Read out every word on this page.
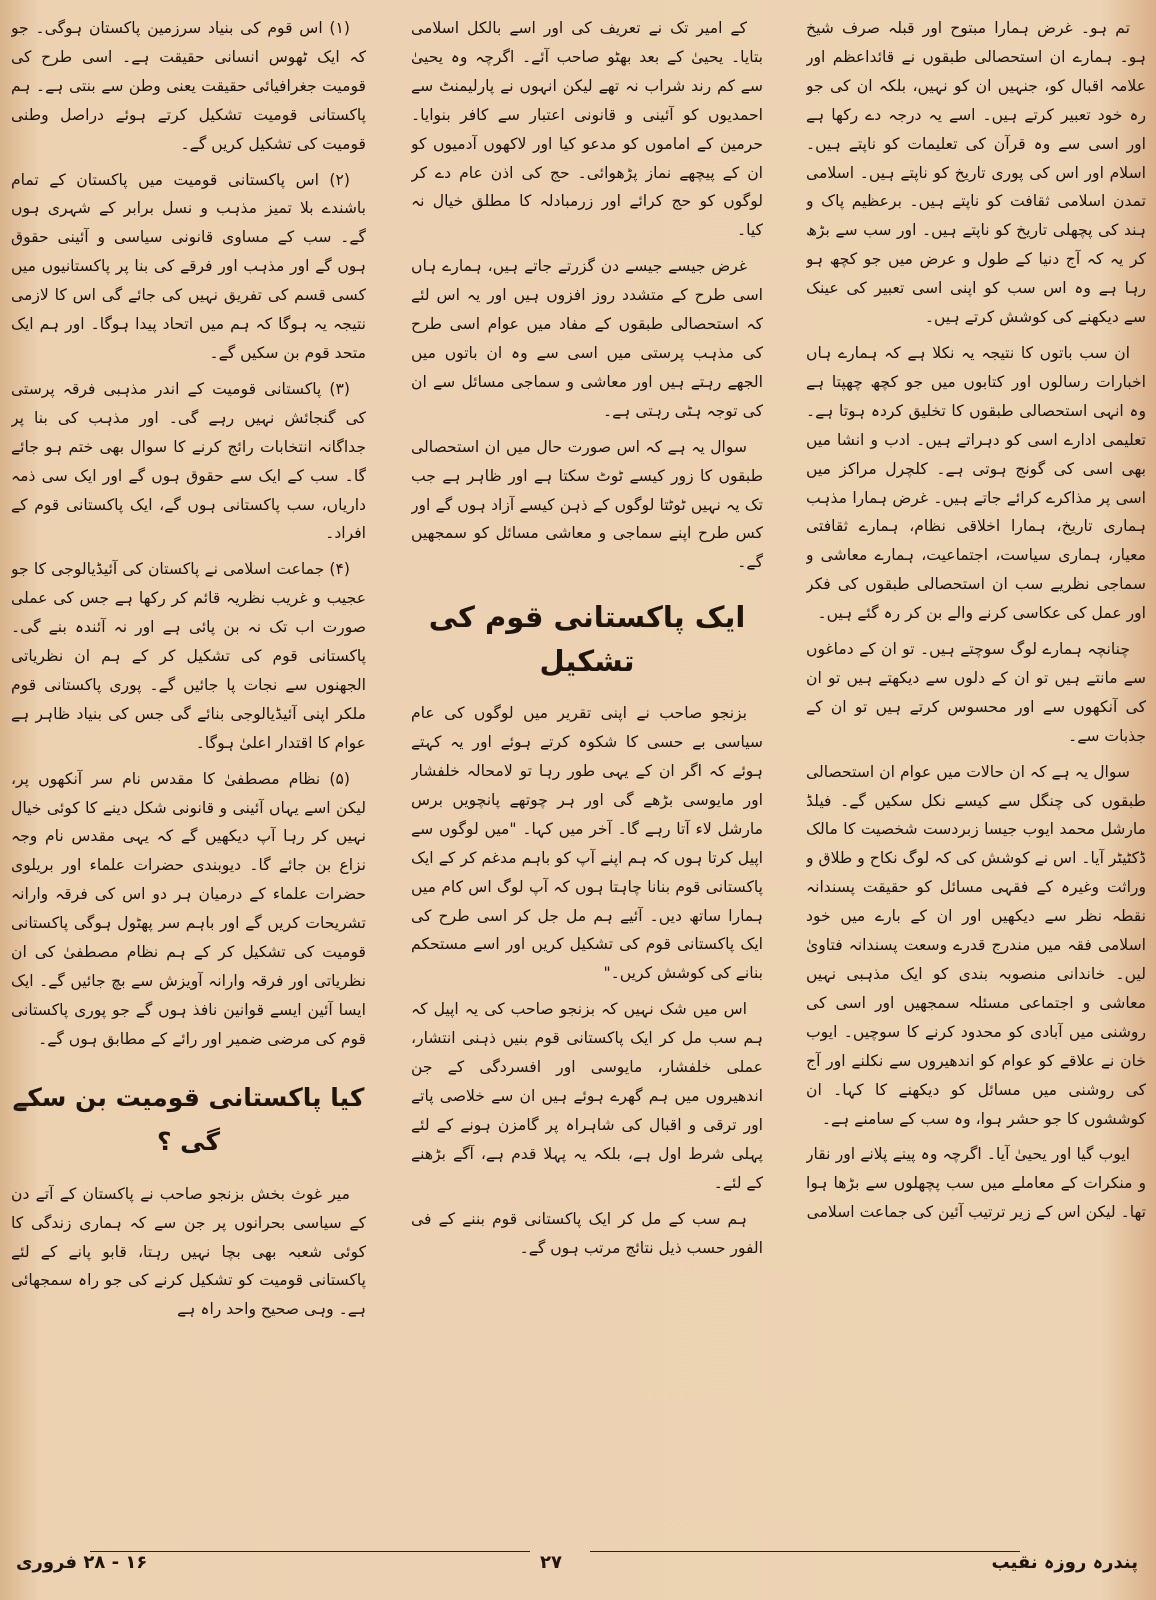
تم ہو۔ غرض ہمارا مبتوح اور قبلہ صرف شیخ ہو۔ ہمارے ان استحصالی طبقوں نے قائداعظم اور علامہ اقبال کو، جنہیں ان کو نہیں، بلکہ ان کی جو رہ خود تعبیر کرتے ہیں۔ اسے یہ درجہ دے رکھا ہے اور اسی سے وہ قرآن کی تعلیمات کو ناپتے ہیں۔ اسلام اور اس کی پوری تاریخ کو ناپتے ہیں۔ اسلامی تمدن اسلامی ثقافت کو ناپتے ہیں۔ برعظیم پاک و ہند کی پچھلی تاریخ کو ناپتے ہیں۔ اور سب سے بڑھ کر یہ کہ آج دنیا کے طول و عرض میں جو کچھ ہو رہا ہے وہ اس سب کو اپنی اسی تعبیر کی عینک سے دیکھنے کی کوشش کرتے ہیں۔

ان سب باتوں کا نتیجہ یہ نکلا ہے کہ ہمارے ہاں اخبارات رسالوں اور کتابوں میں جو کچھ چھپتا ہے وہ انہی استحصالی طبقوں کا تخلیق کردہ ہوتا ہے۔ تعلیمی ادارے اسی کو دہراتے ہیں۔ ادب و انشا میں بھی اسی کی گونج ہوتی ہے۔ کلچرل مراکز میں اسی پر مذاکرے کرائے جاتے ہیں۔ غرض ہمارا مذہب ہماری تاریخ، ہمارا اخلاقی نظام، ہمارے ثقافتی معیار، ہماری سیاست، اجتماعیت، ہمارے معاشی و سماجی نظریے سب ان استحصالی طبقوں کی فکر اور عمل کی عکاسی کرنے والے بن کر رہ گئے ہیں۔

چنانچہ ہمارے لوگ سوچتے ہیں۔ تو ان کے دماغوں سے مانتے ہیں تو ان کے دلوں سے دیکھتے ہیں تو ان کی آنکھوں سے اور محسوس کرتے ہیں تو ان کے جذبات سے۔

سوال یہ ہے کہ ان حالات میں عوام ان استحصالی طبقوں کی چنگل سے کیسے نکل سکیں گے۔ فیلڈ مارشل محمد ایوب جیسا زبردست شخصیت کا مالک ڈکٹیٹر آیا۔ اس نے کوشش کی کہ لوگ نکاح و طلاق و وراثت وغیرہ کے فقہی مسائل کو حقیقت پسندانہ نقطہ نظر سے دیکھیں اور ان کے بارے میں خود اسلامی فقہ میں مندرج قدرے وسعت پسندانہ فتاویٰ لیں۔ خاندانی منصوبہ بندی کو ایک مذہبی نہیں معاشی و اجتماعی مسئلہ سمجھیں اور اسی کی روشنی میں آبادی کو محدود کرنے کا سوچیں۔ ایوب خان نے علاقے کو عوام کو اندھیروں سے نکلنے اور آج کی روشنی میں مسائل کو دیکھنے کا کہا۔ ان کوششوں کا جو حشر ہوا، وہ سب کے سامنے ہے۔

ایوب گیا اور یحییٰ آیا۔ اگرچہ وہ پینے پلانے اور نقار و منکرات کے معاملے میں سب پچھلوں سے بڑھا ہوا تھا۔ لیکن اس کے زیر ترتیب آئین کی جماعت اسلامی

کے امیر تک نے تعریف کی اور اسے بالکل اسلامی بتایا۔ یحییٰ کے بعد بھٹو صاحب آئے۔ اگرچہ وہ یحییٰ سے کم رند شراب نہ تھے لیکن انہوں نے پارلیمنٹ سے احمدیوں کو آئینی و قانونی اعتبار سے کافر بنوایا۔ حرمین کے اماموں کو مدعو کیا اور لاکھوں آدمیوں کو ان کے پیچھے نماز پڑھوائی۔ حج کی اذن عام دے کر لوگوں کو حج کرائے اور زرمبادلہ کا مطلق خیال نہ کیا۔

غرض جیسے جیسے دن گزرتے جاتے ہیں، ہمارے ہاں اسی طرح کے متشدد روز افزوں ہیں اور یہ اس لئے کہ استحصالی طبقوں کے مفاد میں عوام اسی طرح کی مذہب پرستی میں اسی سے وہ ان باتوں میں الجھے رہتے ہیں اور معاشی و سماجی مسائل سے ان کی توجہ ہٹی رہتی ہے۔

سوال یہ ہے کہ اس صورت حال میں ان استحصالی طبقوں کا زور کیسے ٹوٹ سکتا ہے اور ظاہر ہے جب تک یہ نہیں ٹوٹتا لوگوں کے ذہن کیسے آزاد ہوں گے اور کس طرح اپنے سماجی و معاشی مسائل کو سمجھیں گے۔

ایک پاکستانی قوم کی تشکیل

بزنجو صاحب نے اپنی تقریر میں لوگوں کی عام سیاسی بے حسی کا شکوہ کرتے ہوئے اور یہ کہتے ہوئے کہ اگر ان کے یہی طور رہا تو لامحالہ خلفشار اور مایوسی بڑھے گی اور ہر چوتھے پانچویں برس مارشل لاء آتا رہے گا۔ آخر میں کہا۔ "میں لوگوں سے اپیل کرتا ہوں کہ ہم اپنے آپ کو باہم مدغم کر کے ایک پاکستانی قوم بنانا چاہتا ہوں کہ آپ لوگ اس کام میں ہمارا ساتھ دیں۔ آئیے ہم مل جل کر اسی طرح کی ایک پاکستانی قوم کی تشکیل کریں اور اسے مستحکم بنانے کی کوشش کریں۔"

اس میں شک نہیں کہ بزنجو صاحب کی یہ اپیل کہ ہم سب مل کر ایک پاکستانی قوم بنیں ذہنی انتشار، عملی خلفشار، مایوسی اور افسردگی کے جن اندھیروں میں ہم گھرے ہوئے ہیں ان سے خلاصی پاتے اور ترقی و اقبال کی شاہراہ پر گامزن ہونے کے لئے پہلی شرط اول ہے، بلکہ یہ پہلا قدم ہے، آگے بڑھنے کے لئے۔

ہم سب کے مل کر ایک پاکستانی قوم بننے کے فی الفور حسب ذیل نتائج مرتب ہوں گے۔

(۱) اس قوم کی بنیاد سرزمین پاکستان ہوگی۔ جو کہ ایک ٹھوس انسانی حقیقت ہے۔ اسی طرح کی قومیت جغرافیائی حقیقت یعنی وطن سے بنتی ہے۔ ہم پاکستانی قومیت تشکیل کرتے ہوئے دراصل وطنی قومیت کی تشکیل کریں گے۔

(۲) اس پاکستانی قومیت میں پاکستان کے تمام باشندے بلا تمیز مذہب و نسل برابر کے شہری ہوں گے۔ سب کے مساوی قانونی سیاسی و آئینی حقوق ہوں گے اور مذہب اور فرقے کی بنا پر پاکستانیوں میں کسی قسم کی تفریق نہیں کی جائے گی اس کا لازمی نتیجہ یہ ہوگا کہ ہم میں اتحاد پیدا ہوگا۔ اور ہم ایک متحد قوم بن سکیں گے۔

(۳) پاکستانی قومیت کے اندر مذہبی فرقہ پرستی کی گنجائش نہیں رہے گی۔ اور مذہب کی بنا پر جداگانہ انتخابات رائج کرنے کا سوال بھی ختم ہو جائے گا۔ سب کے ایک سے حقوق ہوں گے اور ایک سی ذمہ داریاں، سب پاکستانی ہوں گے، ایک پاکستانی قوم کے افراد۔

(۴) جماعت اسلامی نے پاکستان کی آئیڈیالوجی کا جو عجیب و غریب نظریہ قائم کر رکھا ہے جس کی عملی صورت اب تک نہ بن پائی ہے اور نہ آئندہ بنے گی۔ پاکستانی قوم کی تشکیل کر کے ہم ان نظریاتی الجھنوں سے نجات پا جائیں گے۔ پوری پاکستانی قوم ملکر اپنی آئیڈیالوجی بنائے گی جس کی بنیاد ظاہر ہے عوام کا اقتدار اعلیٰ ہوگا۔

(۵) نظام مصطفیٰ کا مقدس نام سر آنکھوں پر، لیکن اسے یہاں آئینی و قانونی شکل دینے کا کوئی خیال نہیں کر رہا آپ دیکھیں گے کہ یہی مقدس نام وجہ نزاع بن جائے گا۔ دیوبندی حضرات علماء اور بریلوی حضرات علماء کے درمیان ہر دو اس کی فرقہ وارانہ تشریحات کریں گے اور باہم سر پھٹول ہوگی پاکستانی قومیت کی تشکیل کر کے ہم نظام مصطفیٰ کی ان نظریاتی اور فرقہ وارانہ آویزش سے بچ جائیں گے۔ ایک ایسا آئین ایسے قوانین نافذ ہوں گے جو پوری پاکستانی قوم کی مرضی ضمیر اور رائے کے مطابق ہوں گے۔

کیا پاکستانی قومیت بن سکے گی ؟

میر غوث بخش بزنجو صاحب نے پاکستان کے آتے دن کے سیاسی بحرانوں پر جن سے کہ ہماری زندگی کا کوئی شعبہ بھی بچا نہیں رہتا، قابو پانے کے لئے پاکستانی قومیت کو تشکیل کرنے کی جو راہ سمجھائی ہے۔ وہی صحیح واحد راہ ہے

پندرہ روزہ نقیب
۲۷
۱۶ - ۲۸ فروری
